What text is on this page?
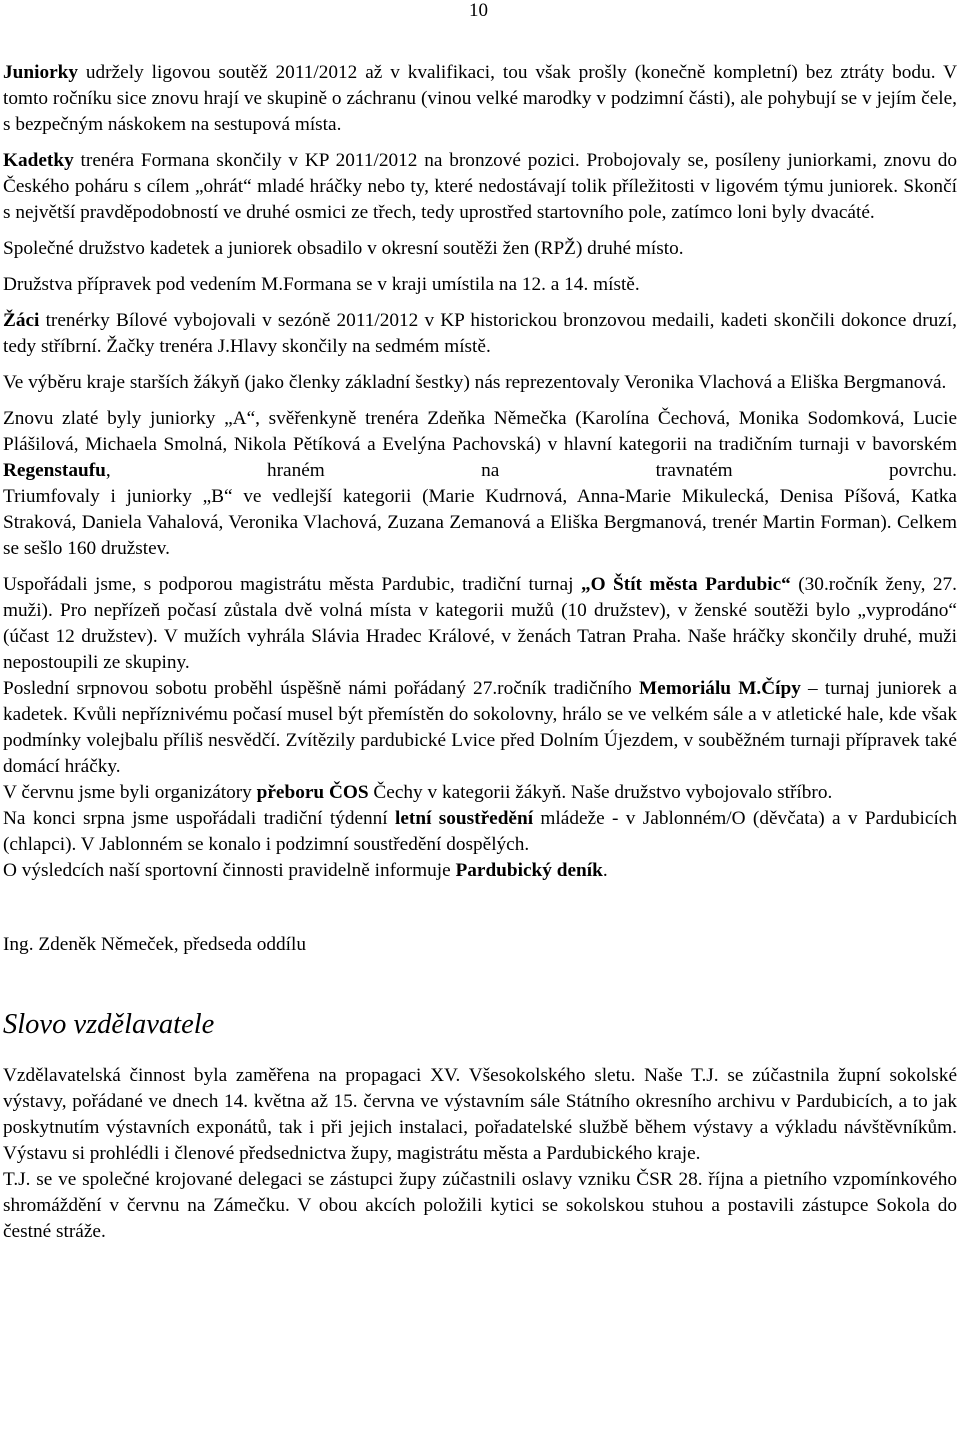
10

Juniorky udržely ligovou soutěž 2011/2012 až v kvalifikaci, tou však prošly (konečně kompletní) bez ztráty bodu. V tomto ročníku sice znovu hrají ve skupině o záchranu (vinou velké marodky v podzimní části), ale pohybují se v jejím čele, s bezpečným náskokem na sestupová místa.

Kadetky trenéra Formana skončily v KP 2011/2012 na bronzové pozici. Probojovaly se, posíleny juniorkami, znovu do Českého poháru s cílem „ohrát“ mladé hráčky nebo ty, které nedostávají tolik příležitosti v ligovém týmu juniorek. Skončí s největší pravděpodobností ve druhé osmici ze třech, tedy uprostřed startovního pole, zatímco loni byly dvacáté.

Společné družstvo kadetek a juniorek obsadilo v okresní soutěži žen (RPŽ) druhé místo.

Družstva přípravek pod vedením M.Formana se v kraji umístila na 12. a 14. místě.

Žáci trenérky Bílové vybojovali v sezóně 2011/2012 v KP historickou bronzovou medaili, kadeti skončili dokonce druzí, tedy stříbrní. Žačky trenéra J.Hlavy skončily na sedmém místě.

Ve výběru kraje starších žákyň (jako členky základní šestky) nás reprezentovaly Veronika Vlachová a Eliška Bergmanová.

Znovu zlaté byly juniorky „A“, svěřenkyně trenéra Zdeňka Němečka (Karolína Čechová, Monika Sodomková, Lucie Plášilová, Michaela Smolná, Nikola Pětíková a Evelýna Pachovská) v hlavní kategorii na tradičním turnaji v bavorském Regenstaufu, hraném na travnatém povrchu.
Triumfovaly i juniorky „B“ ve vedlejší kategorii (Marie Kudrnová, Anna-Marie Mikulecká, Denisa Píšová, Katka Straková, Daniela Vahalová, Veronika Vlachová, Zuzana Zemanová a Eliška Bergmanová, trenér Martin Forman). Celkem se sešlo 160 družstev.

Uspořádali jsme, s podporou magistrátu města Pardubic, tradiční turnaj „O Štít města Pardubic“ (30.ročník ženy, 27. muži). Pro nepřízeň počasí zůstala dvě volná místa v kategorii mužů (10 družstev), v ženské soutěži bylo „vyprodáno“ (účast 12 družstev). V mužích vyhrála Slávia Hradec Králové, v ženách Tatran Praha. Naše hráčky skončily druhé, muži nepostoupili ze skupiny.
Poslední srpnovou sobotu proběhl úspěšně námi pořádaný 27.ročník tradičního Memoriálu M.Čípy – turnaj juniorek a kadetek. Kvůli nepříznivému počasí musel být přemístěn do sokolovny, hrálo se ve velkém sále a v atletické hale, kde však podmínky volejbalu příliš nesvědčí. Zvítězily pardubické Lvice před Dolním Újezdem, v souběžném turnaji přípravek také domácí hráčky.
V červnu jsme byli organizátory přeboru ČOS Čechy v kategorii žákyň. Naše družstvo vybojovalo stříbro.
Na konci srpna jsme uspořádali tradiční týdenní letní soustředění mládeže - v Jablonném/O (děvčata) a v Pardubicích (chlapci). V Jablonném se konalo i podzimní soustředění dospělých.
O výsledcích naší sportovní činnosti pravidelně informuje Pardubický deník.

Ing. Zdeněk Němeček, předseda oddílu

Slovo vzdělavatele

Vzdělavatelská činnost byla zaměřena na propagaci XV. Všesokolského sletu. Naše T.J. se zúčastnila župní sokolské výstavy, pořádané ve dnech 14. května až 15. června ve výstavním sále Státního okresního archivu v Pardubicích, a to jak poskytnutím výstavních exponátů, tak i při jejich instalaci, pořadatelské službě během výstavy a výkladu návštěvníkům. Výstavu si prohlédli i členové předsednictva župy, magistrátu města a Pardubického kraje.

T.J. se ve společné krojované delegaci se zástupci župy zúčastnili oslavy vzniku ČSR 28. října a pietního vzpomínkového shromáždění v červnu na Zámečku. V obou akcích položili kytici se sokolskou stuhou a postavili zástupce Sokola do čestné stráže.
